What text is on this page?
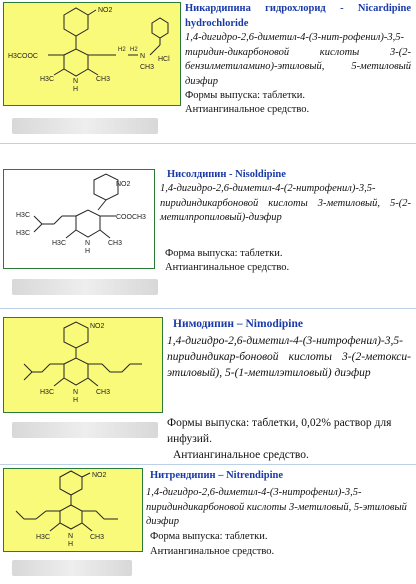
NO2
H3COOC
H3C	CH3
N
H
H2 H2
N
CH3
HCl
Никардипина гидрохлорид - Nicardipine hydrochloride
1,4-дигидро-2,6-диметил-4-(3-нит-рофенил)-3,5-тиридин-дикарбоновой кислоты 3-(2-бензилметиламино)-этиловый, 5-метиловый диэфир
Формы выпуска: таблетки.
Антиангинальное средство.
NO2
COOCH3
H3C
H3C
H3C	CH3
N
H
Нисолдипин - Nisoldipine
1,4-дигидро-2,6-диметил-4-(2-нитрофенил)-3,5-пиридиндикарбоновой кислоты 3-метиловый, 5-(2-метилпропиловый)-диэфир
Форма выпуска: таблетки.
Антиангинальное средство.
NO2
H3C	CH3
N
H
Нимодипин – Nimodipine
1,4-дигидро-2,6-диметил-4-(3-нитрофенил)-3,5-пиридиндикар-боновой кислоты 3-(2-метокси-этиловый), 5-(1-метилэтиловый) диэфир
Формы выпуска: таблетки, 0,02% раствор для инфузий.
Антиангинальное средство.
NO2
H3C	CH3
N
H
Нитрендипин – Nitrendipine
1,4-дигидро-2,6-диметил-4-(3-нитрофенил)-3,5-пиридиндикарбоновой кислоты 3-метиловый, 5-этиловый диэфир
Форма выпуска: таблетки.
Антиангинальное средство.
